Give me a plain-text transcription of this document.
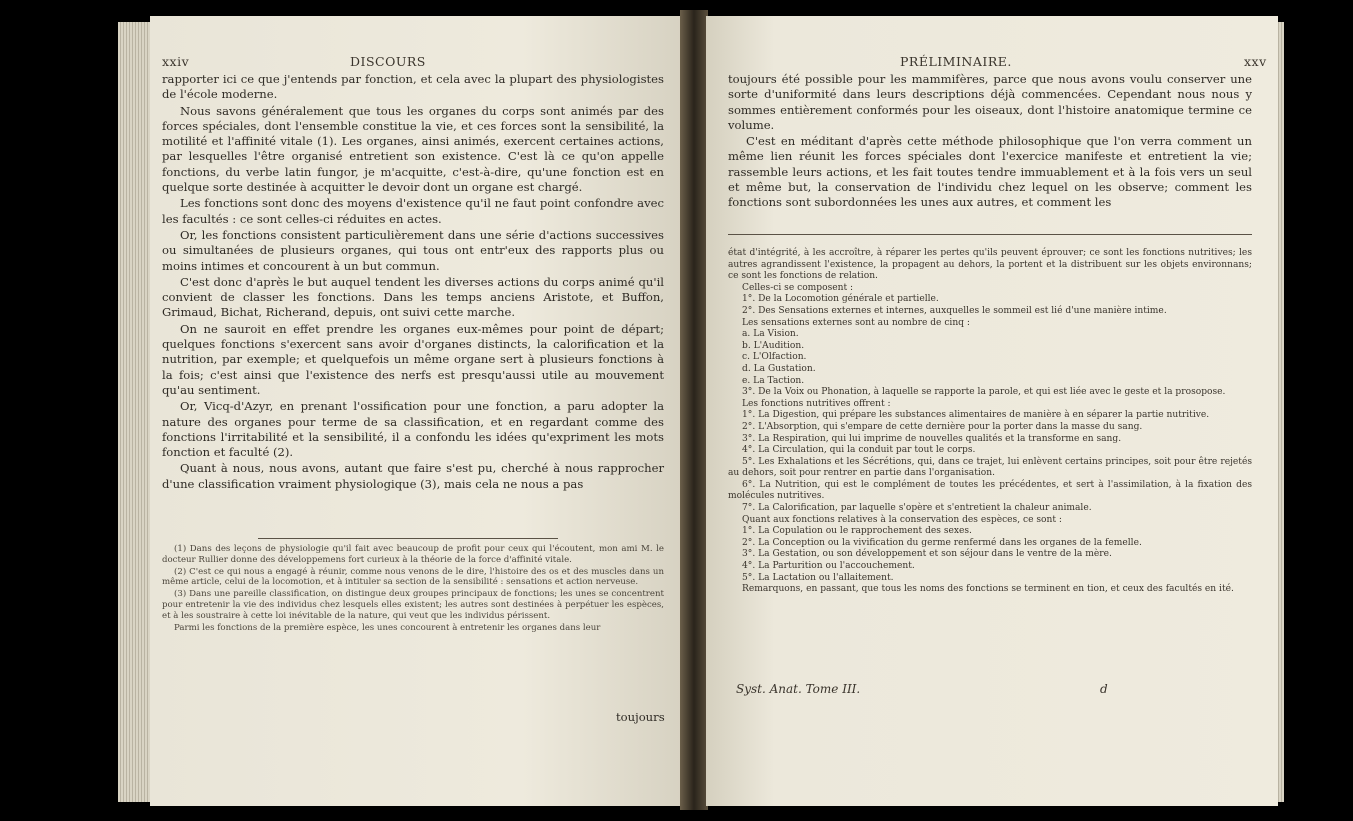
xxiv	DISCOURS

rapporter ici ce que j'entends par fonction, et cela avec la plupart des physiologistes de l'école moderne.

Nous savons généralement que tous les organes du corps sont animés par des forces spéciales, dont l'ensemble constitue la vie, et ces forces sont la sensibilité, la motilité et l'affinité vitale (1). Les organes, ainsi animés, exercent certaines actions, par lesquelles l'être organisé entretient son existence. C'est là ce qu'on appelle fonctions, du verbe latin fungor, je m'acquitte, c'est-à-dire, qu'une fonction est en quelque sorte destinée à acquitter le devoir dont un organe est chargé.

Les fonctions sont donc des moyens d'existence qu'il ne faut point confondre avec les facultés : ce sont celles-ci réduites en actes.

Or, les fonctions consistent particulièrement dans une série d'actions successives ou simultanées de plusieurs organes, qui tous ont entr'eux des rapports plus ou moins intimes et concourent à un but commun.

C'est donc d'après le but auquel tendent les diverses actions du corps animé qu'il convient de classer les fonctions. Dans les temps anciens Aristote, et Buffon, Grimaud, Bichat, Richerand, depuis, ont suivi cette marche.

On ne sauroit en effet prendre les organes eux-mêmes pour point de départ; quelques fonctions s'exercent sans avoir d'organes distincts, la calorification et la nutrition, par exemple; et quelquefois un même organe sert à plusieurs fonctions à la fois; c'est ainsi que l'existence des nerfs est presqu'aussi utile au mouvement qu'au sentiment.

Or, Vicq-d'Azyr, en prenant l'ossification pour une fonction, a paru adopter la nature des organes pour terme de sa classification, et en regardant comme des fonctions l'irritabilité et la sensibilité, il a confondu les idées qu'expriment les mots fonction et faculté (2).

Quant à nous, nous avons, autant que faire s'est pu, cherché à nous rapprocher d'une classification vraiment physiologique (3), mais cela ne nous a pas

(1) Dans des leçons de physiologie qu'il fait avec beaucoup de profit pour ceux qui l'écoutent, mon ami M. le docteur Rullier donne des développemens fort curieux à la théorie de la force d'affinité vitale.

(2) C'est ce qui nous a engagé à réunir, comme nous venons de le dire, l'histoire des os et des muscles dans un même article, celui de la locomotion, et à intituler sa section de la sensibilité : sensations et action nerveuse.

(3) Dans une pareille classification, on distingue deux groupes principaux de fonctions; les unes se concentrent pour entretenir la vie des individus chez lesquels elles existent; les autres sont destinées à perpétuer les espèces, et à les soustraire à cette loi inévitable de la nature, qui veut que les individus périssent.

Parmi les fonctions de la première espèce, les unes concourent à entretenir les organes dans leur

toujours
PRÉLIMINAIRE.	xxv

toujours été possible pour les mammifères, parce que nous avons voulu conserver une sorte d'uniformité dans leurs descriptions déjà commencées. Cependant nous nous y sommes entièrement conformés pour les oiseaux, dont l'histoire anatomique termine ce volume.

C'est en méditant d'après cette méthode philosophique que l'on verra comment un même lien réunit les forces spéciales dont l'exercice manifeste et entretient la vie; rassemble leurs actions, et les fait toutes tendre immuablement et à la fois vers un seul et même but, la conservation de l'individu chez lequel on les observe; comment les fonctions sont subordonnées les unes aux autres, et comment les

état d'intégrité, à les accroître, à réparer les pertes qu'ils peuvent éprouver; ce sont les fonctions nutritives; les autres agrandissent l'existence, la propagent au dehors, la portent et la distribuent sur les objets environnans; ce sont les fonctions de relation.

Celles-ci se composent :

1°. De la Locomotion générale et partielle.

2°. Des Sensations externes et internes, auxquelles le sommeil est lié d'une manière intime.

Les sensations externes sont au nombre de cinq :

a. La Vision.

b. L'Audition.

c. L'Olfaction.

d. La Gustation.

e. La Taction.

3°. De la Voix ou Phonation, à laquelle se rapporte la parole, et qui est liée avec le geste et la prosopose.

Les fonctions nutritives offrent :

1°. La Digestion, qui prépare les substances alimentaires de manière à en séparer la partie nutritive.

2°. L'Absorption, qui s'empare de cette dernière pour la porter dans la masse du sang.

3°. La Respiration, qui lui imprime de nouvelles qualités et la transforme en sang.

4°. La Circulation, qui la conduit par tout le corps.

5°. Les Exhalations et les Sécrétions, qui, dans ce trajet, lui enlèvent certains principes, soit pour être rejetés au dehors, soit pour rentrer en partie dans l'organisation.

6°. La Nutrition, qui est le complément de toutes les précédentes, et sert à l'assimilation, à la fixation des molécules nutritives.

7°. La Calorification, par laquelle s'opère et s'entretient la chaleur animale.

Quant aux fonctions relatives à la conservation des espèces, ce sont :

1°. La Copulation ou le rapprochement des sexes.

2°. La Conception ou la vivification du germe renfermé dans les organes de la femelle.

3°. La Gestation, ou son développement et son séjour dans le ventre de la mère.

4°. La Parturition ou l'accouchement.

5°. La Lactation ou l'allaitement.

Remarquons, en passant, que tous les noms des fonctions se terminent en tion, et ceux des facultés en ité.

Syst. Anat. Tome III.	d
